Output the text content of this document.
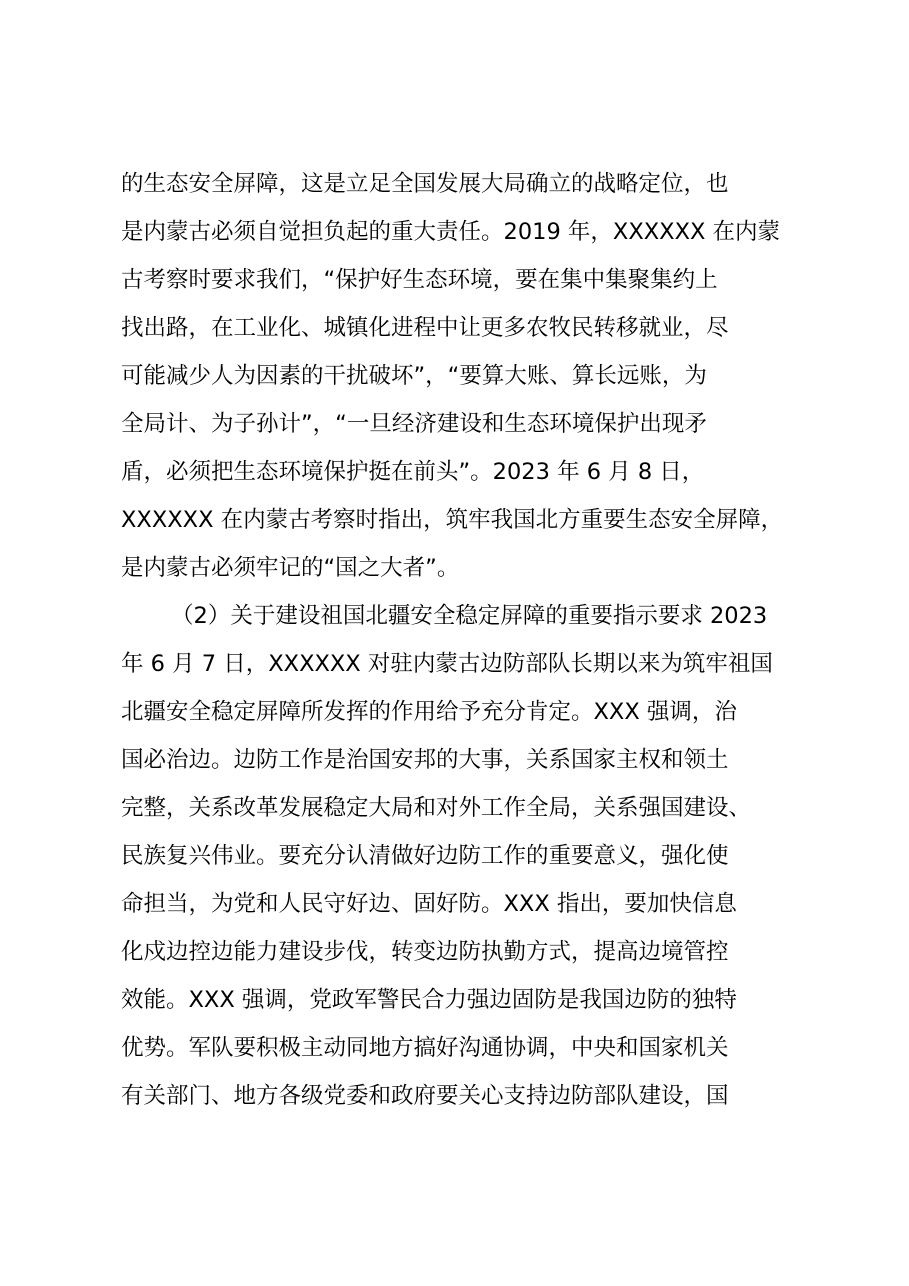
的生态安全屏障，这是立足全国发展大局确立的战略定位，也
是内蒙古必须自觉担负起的重大责任。2019 年，XXXXXX 在内蒙
古考察时要求我们，“保护好生态环境，要在集中集聚集约上
找出路，在工业化、城镇化进程中让更多农牧民转移就业，尽
可能减少人为因素的干扰破坏”，“要算大账、算长远账，为
全局计、为子孙计”，“一旦经济建设和生态环境保护出现矛
盾，必须把生态环境保护挺在前头”。2023 年 6 月 8 日，
XXXXXX 在内蒙古考察时指出，筑牢我国北方重要生态安全屏障，
是内蒙古必须牢记的“国之大者”。
（2）关于建设祖国北疆安全稳定屏障的重要指示要求 2023
年 6 月 7 日，XXXXXX 对驻内蒙古边防部队长期以来为筑牢祖国
北疆安全稳定屏障所发挥的作用给予充分肯定。XXX 强调，治
国必治边。边防工作是治国安邦的大事，关系国家主权和领土
完整，关系改革发展稳定大局和对外工作全局，关系强国建设、
民族复兴伟业。要充分认清做好边防工作的重要意义，强化使
命担当，为党和人民守好边、固好防。XXX 指出，要加快信息
化戍边控边能力建设步伐，转变边防执勤方式，提高边境管控
效能。XXX 强调，党政军警民合力强边固防是我国边防的独特
优势。军队要积极主动同地方搞好沟通协调，中央和国家机关
有关部门、地方各级党委和政府要关心支持边防部队建设，国
